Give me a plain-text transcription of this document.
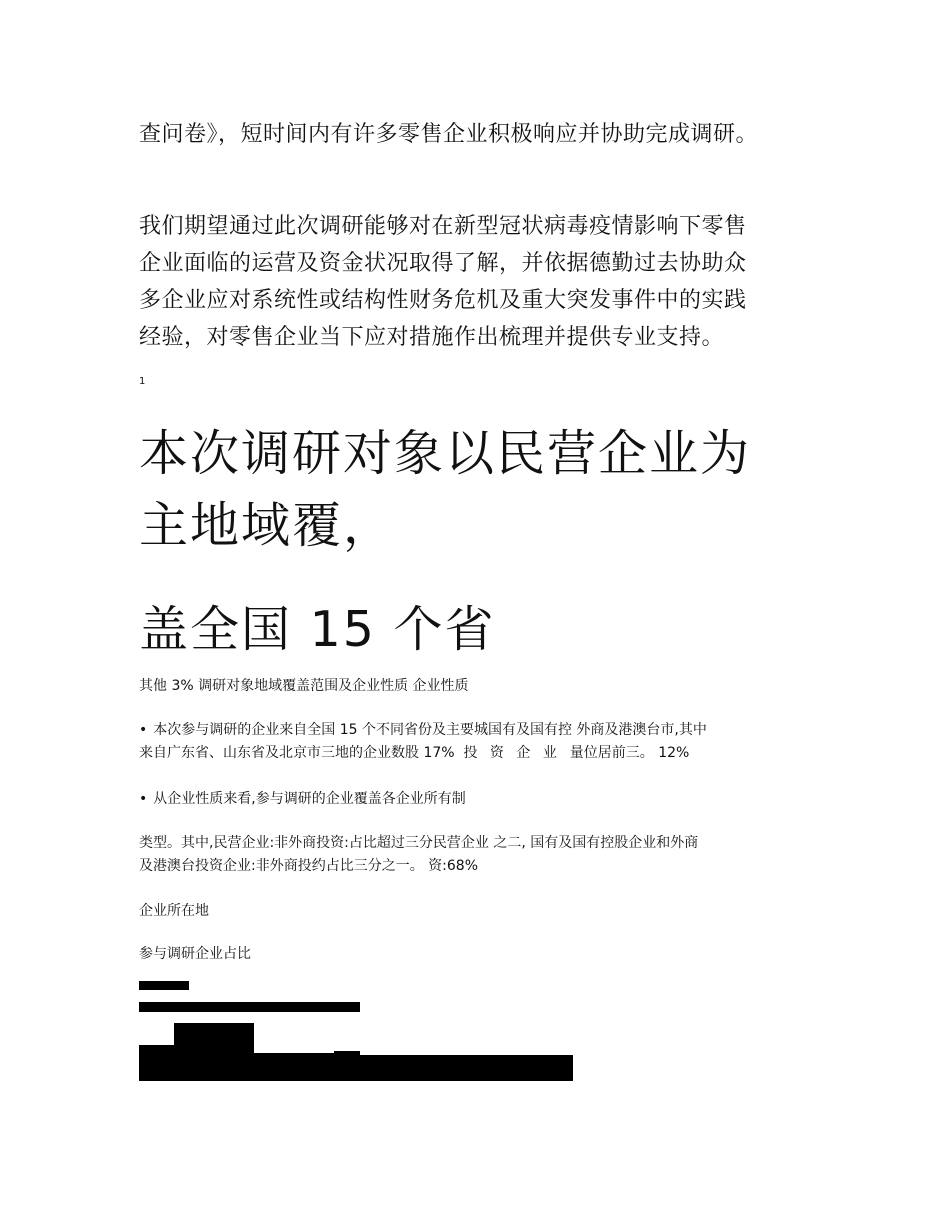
查问卷》，短时间内有许多零售企业积极响应并协助完成调研。

我们期望通过此次调研能够对在新型冠状病毒疫情影响下零售
企业面临的运营及资金状况取得了解，并依据德勤过去协助众
多企业应对系统性或结构性财务危机及重大突发事件中的实践
经验，对零售企业当下应对措施作出梳理并提供专业支持。
1
本次调研对象以民营企业为
主地域覆，
盖全国 15 个省
其他 3% 调研对象地域覆盖范围及企业性质 企业性质
• 本次参与调研的企业来自全国 15 个不同省份及主要城国有及国有控 外商及港澳台市,其中
来自广东省、山东省及北京市三地的企业数股 17% 投 资 企 业 量位居前三。 12%
• 从企业性质来看,参与调研的企业覆盖各企业所有制
类型。其中,民营企业:非外商投资:占比超过三分民营企业 之二, 国有及国有控股企业和外商
及港澳台投资企业:非外商投约占比三分之一。 资:68%
企业所在地
参与调研企业占比
